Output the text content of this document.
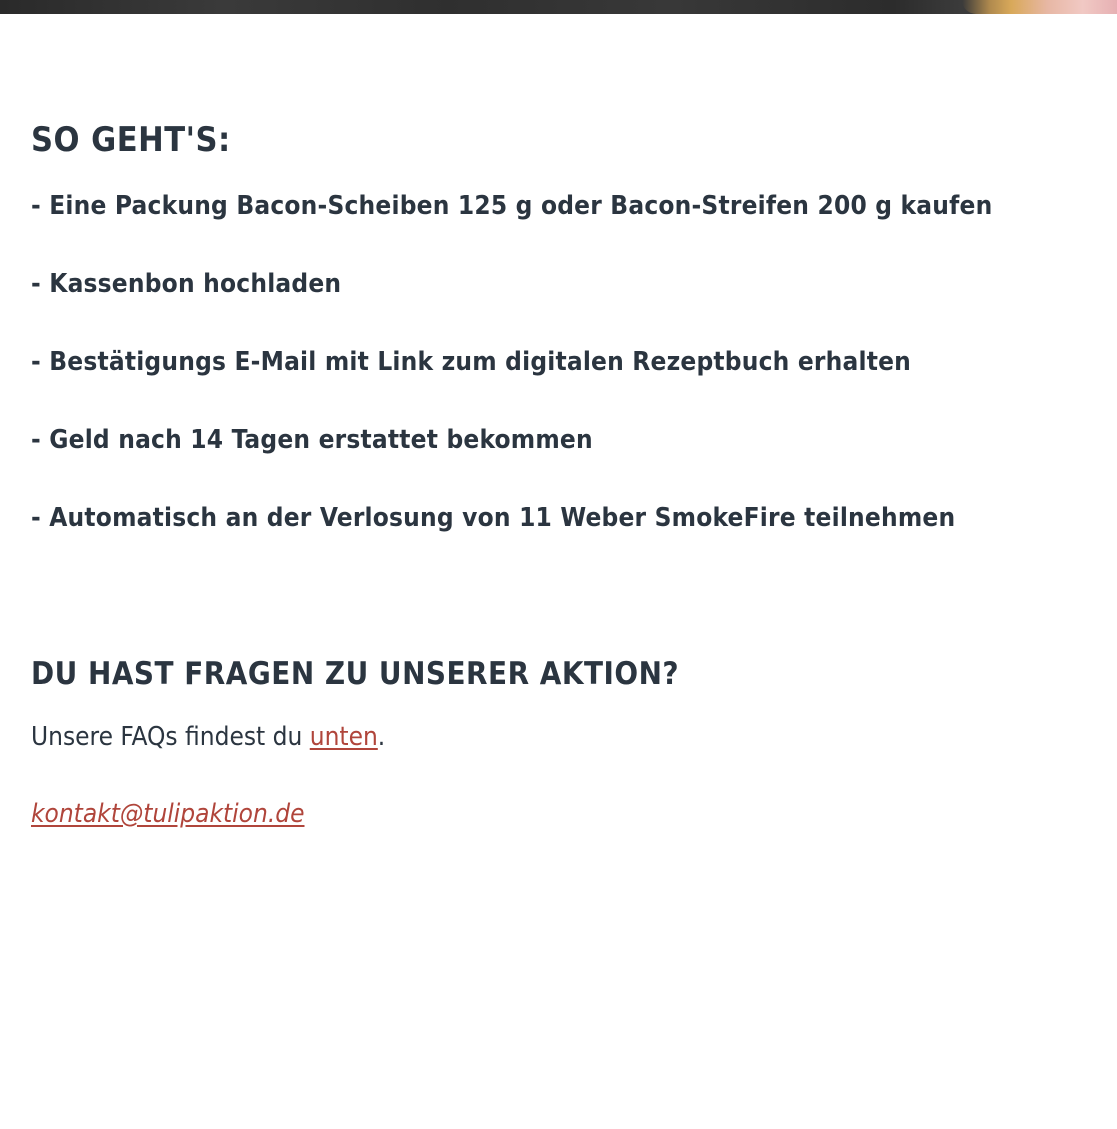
SO GEHT'S:
- Eine Packung Bacon-Scheiben 125 g oder Bacon-Streifen 200 g kaufen
- Kassenbon hochladen
- Bestätigungs E-Mail mit Link zum digitalen Rezeptbuch erhalten
- Geld nach 14 Tagen erstattet bekommen
- Automatisch an der Verlosung von 11 Weber SmokeFire teilnehmen
DU HAST FRAGEN ZU UNSERER AKTION?

Unsere FAQs findest du unten.

kontakt@tulipaktion.de
